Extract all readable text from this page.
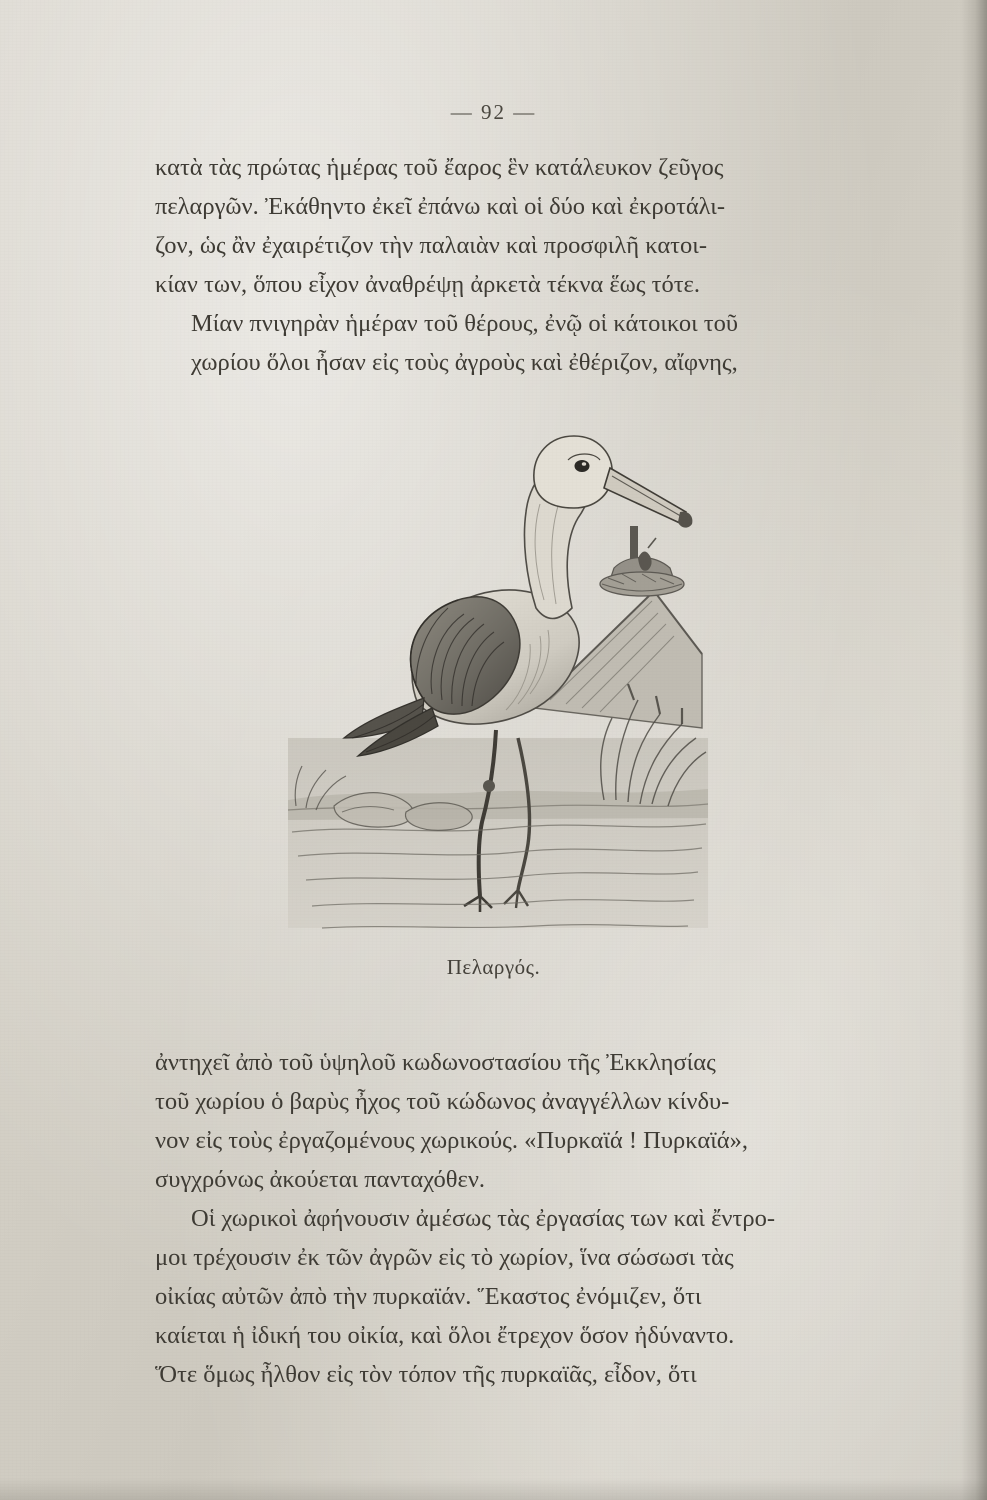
— 92 —

κατὰ τὰς πρώτας ἡμέρας τοῦ ἔαρος ἓν κατάλευκον ζεῦγος
πελαργῶν. Ἐκάθηντο ἐκεῖ ἐπάνω καὶ οἱ δύο καὶ ἐκροτάλι-
ζον, ὡς ἂν ἐχαιρέτιζον τὴν παλαιὰν καὶ προσφιλῆ κατοι-
κίαν των, ὅπου εἶχον ἀναθρέψῃ ἀρκετὰ τέκνα ἕως τότε.

Μίαν πνιγηρὰν ἡμέραν τοῦ θέρους, ἐνῷ οἱ κάτοικοι τοῦ
χωρίου ὅλοι ἦσαν εἰς τοὺς ἀγροὺς καὶ ἐθέριζον, αἴφνης,

Πελαργός.

ἀντηχεῖ ἀπὸ τοῦ ὑψηλοῦ κωδωνοστασίου τῆς Ἐκκλησίας
τοῦ χωρίου ὁ βαρὺς ἦχος τοῦ κώδωνος ἀναγγέλλων κίνδυ-
νον εἰς τοὺς ἐργαζομένους χωρικούς. «Πυρκαϊά ! Πυρκαϊά»,
συγχρόνως ἀκούεται πανταχόθεν.

Οἱ χωρικοὶ ἀφήνουσιν ἀμέσως τὰς ἐργασίας των καὶ ἔντρο-
μοι τρέχουσιν ἐκ τῶν ἀγρῶν εἰς τὸ χωρίον, ἵνα σώσωσι τὰς
οἰκίας αὐτῶν ἀπὸ τὴν πυρκαϊάν. Ἕκαστος ἐνόμιζεν, ὅτι
καίεται ἡ ἰδική του οἰκία, καὶ ὅλοι ἔτρεχον ὅσον ἠδύναντο.
Ὅτε ὅμως ἦλθον εἰς τὸν τόπον τῆς πυρκαϊᾶς, εἶδον, ὅτι
